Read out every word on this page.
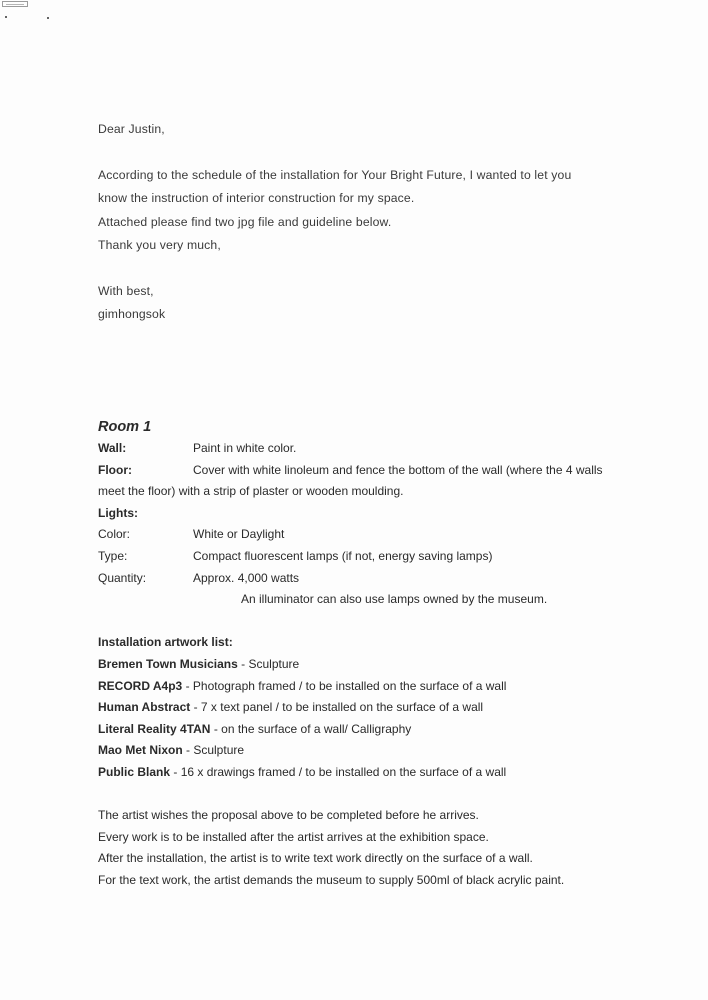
Dear Justin,

According to the schedule of the installation for Your Bright Future, I wanted to let you

know the instruction of interior construction for my space.

Attached please find two jpg file and guideline below.

Thank you very much,

With best,

gimhongsok

Room 1
Wall:	Paint in white color.
Floor:	Cover with white linoleum and fence the bottom of the wall (where the 4 walls
meet the floor) with a strip of plaster or wooden moulding.
Lights:
Color:	White or Daylight
Type:	Compact fluorescent lamps (if not, energy saving lamps)
Quantity:	Approx. 4,000 watts
An illuminator can also use lamps owned by the museum.
Installation artwork list:
Bremen Town Musicians - Sculpture
RECORD A4p3 - Photograph framed / to be installed on the surface of a wall
Human Abstract - 7 x text panel / to be installed on the surface of a wall
Literal Reality 4TAN - on the surface of a wall/ Calligraphy
Mao Met Nixon - Sculpture
Public Blank - 16 x drawings framed / to be installed on the surface of a wall
The artist wishes the proposal above to be completed before he arrives.
Every work is to be installed after the artist arrives at the exhibition space.
After the installation, the artist is to write text work directly on the surface of a wall.
For the text work, the artist demands the museum to supply 500ml of black acrylic paint.
